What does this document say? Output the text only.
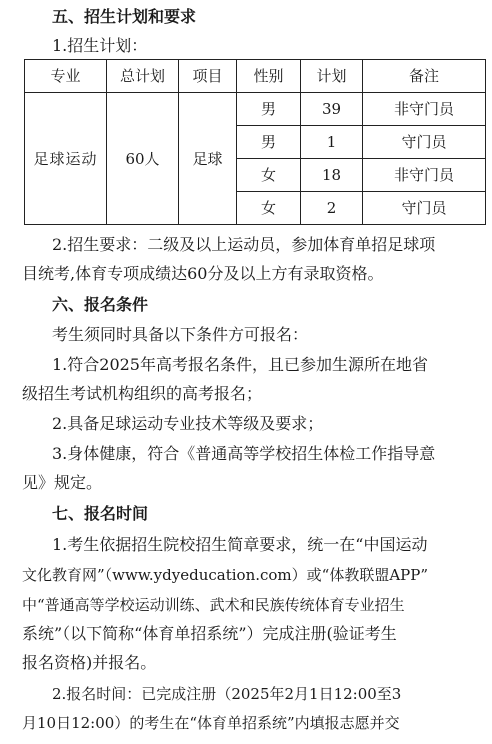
五、招生计划和要求
1.招生计划：
专业	总计划	项目	性别	计划	备注

足球运动	60人	足球	男	39	非守门员
			男	1	守门员
			女	18	非守门员
			女	2	守门员
2.招生要求：二级及以上运动员，参加体育单招足球项
目统考,体育专项成绩达60分及以上方有录取资格。
六、报名条件
考生须同时具备以下条件方可报名：
1.符合2025年高考报名条件，且已参加生源所在地省
级招生考试机构组织的高考报名；
2.具备足球运动专业技术等级及要求；
3.身体健康，符合《普通高等学校招生体检工作指导意
见》规定。
七、报名时间
1.考生依据招生院校招生简章要求，统一在“中国运动
文化教育网”（www.ydyeducation.com）或“体教联盟APP”
中“普通高等学校运动训练、武术和民族传统体育专业招生
系统”（以下简称“体育单招系统”）完成注册(验证考生
报名资格)并报名。
2.报名时间：已完成注册（2025年2月1日12:00至3
月10日12:00）的考生在“体育单招系统”内填报志愿并交
